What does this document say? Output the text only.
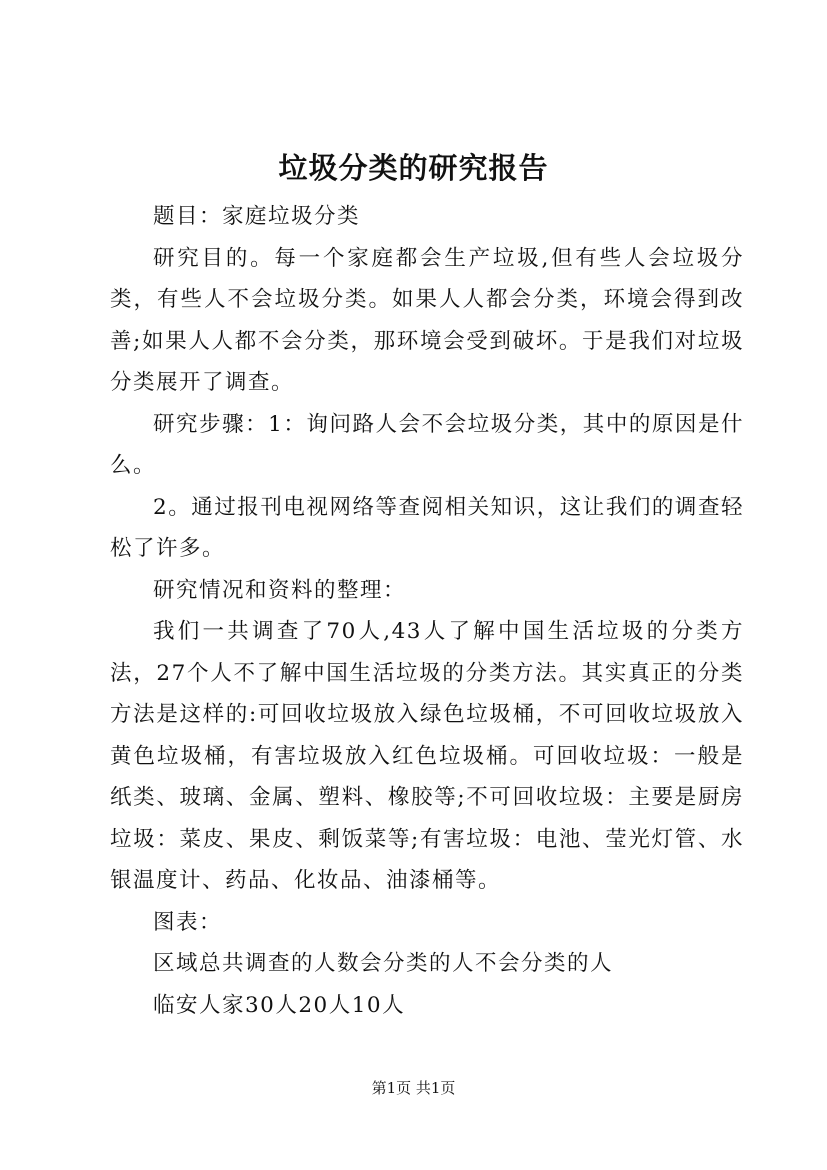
垃圾分类的研究报告

题目：家庭垃圾分类

研究目的。每一个家庭都会生产垃圾,但有些人会垃圾分类，有些人不会垃圾分类。如果人人都会分类，环境会得到改善;如果人人都不会分类，那环境会受到破坏。于是我们对垃圾分类展开了调查。

研究步骤：1：询问路人会不会垃圾分类，其中的原因是什么。

2。通过报刊电视网络等查阅相关知识，这让我们的调查轻松了许多。

研究情况和资料的整理：

我们一共调查了70人,43人了解中国生活垃圾的分类方法，27个人不了解中国生活垃圾的分类方法。其实真正的分类方法是这样的:可回收垃圾放入绿色垃圾桶，不可回收垃圾放入黄色垃圾桶，有害垃圾放入红色垃圾桶。可回收垃圾：一般是纸类、玻璃、金属、塑料、橡胶等;不可回收垃圾：主要是厨房垃圾：菜皮、果皮、剩饭菜等;有害垃圾：电池、莹光灯管、水银温度计、药品、化妆品、油漆桶等。

图表：

区域总共调查的人数会分类的人不会分类的人

临安人家30人20人10人

第1页 共1页
